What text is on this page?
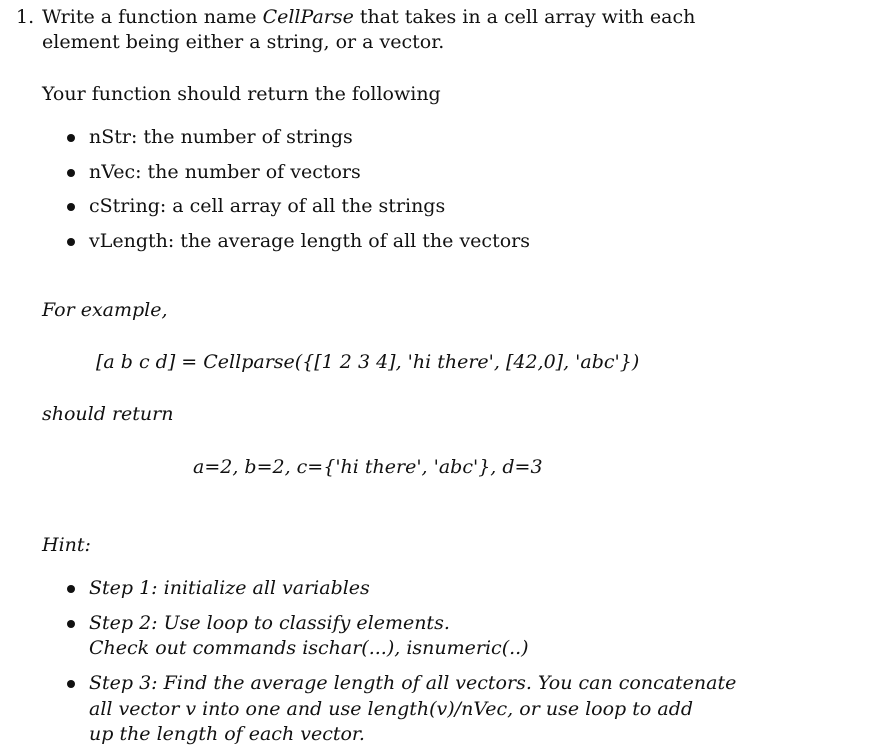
1. Write a function name CellParse that takes in a cell array with each
element being either a string, or a vector.
Your function should return the following
nStr: the number of strings
nVec: the number of vectors
cString: a cell array of all the strings
vLength: the average length of all the vectors
For example,
[a b c d] = Cellparse({[1 2 3 4], 'hi there', [42,0], 'abc'})
should return
a=2, b=2, c={'hi there', 'abc'}, d=3
Hint:
Step 1: initialize all variables
Step 2: Use loop to classify elements.
Check out commands ischar(...), isnumeric(..)
Step 3: Find the average length of all vectors. You can concatenate
all vector v into one and use length(v)/nVec, or use loop to add
up the length of each vector.
